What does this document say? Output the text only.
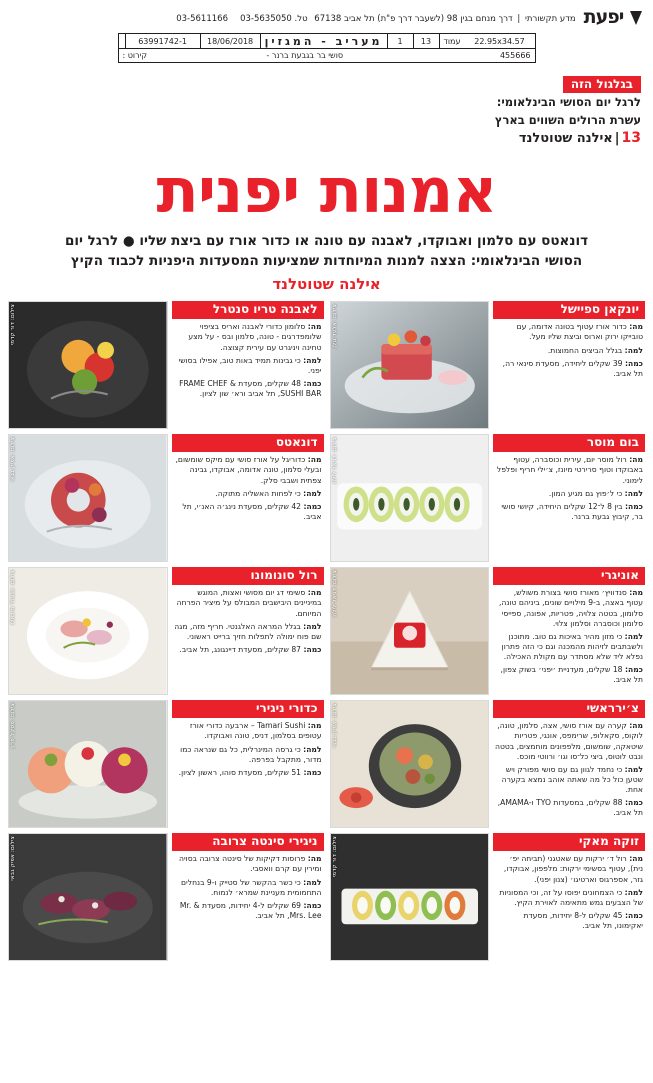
יפעת
מדע תקשורתי | דרך מנחם בגין 98 (לשעבר דרך פ"ת) תל אביב 67138 טל. 03-5635050   03-5611166
22.95x34.57
עמוד
13
1
מעריב - המגזין
18/06/2018
63991742-1
455666
סושי בר בגבעת ברנר -
קירוט :
בגלגול הזה
לרגל יום הסושי הבינלאומי:
עשרת הרולים השווים בארץ
13|אילנה שטוטלנד
אמנות יפנית
דונאטס עם סלמון ואבוקדו, לאבנה עם טונה או כדור אורז עם ביצת שליו ● לרגל יום
הסושי הבינלאומי: הצצה למנות המיוחדות שמציעות המסעדות היפניות לכבוד הקיץ
אילנה שטוטלנד
יונקאן ספיישל

מה: כדור אורז עטוף בטונה אדומה, עם טובייקו ירוק וארוס וביצת שליו מעל.

למה: בגלל הביצים החמוצות.

כמה: 39 שקלים ליחידה, מסעדת סינאי רה, תל אביב.

צילום: אלעד גולן
לאבנה טריו סנטרל

מה: סלומון כדורי לאבנה ואריס בציפוי שלומפדרגים - טונה, סלמון ובס - על מצע טחינה ויניגרט עם עירית קצוצה.

למה: כי גבינות תמיד באות טוב, אפילו בסושי יפני.

כמה: 48 שקלים, מסעדת FRAME CHEF & SUSHI BAR, תל אביב ורא׳ שון לציון.

צילום: דור קדמי
בום מוסר

מה: רול מוסר יום, עירית וכוסברה, עטוף באבוקדו וטוף סרירטי מיונז, צ׳ילי חריף ופלפל לימוני.

למה: כי ל׳פוץ גם מגיע המון.

כמה: בין 8 ל־12 שקלים היחידה, קיושי סושי בר, קיבוץ גבעת ברנר.

צילום: דניאל לילה
דונאטס

מה: כדוריגל על אורז סושי עם מיקס שומשום, ובעלי סלמון, טונה אדומה, אבוקדו, גבינה צפתית ושבבי סלק.

למה: כי לפחות האשליה מתוקה.

כמה: 42 שקלים, מסעדת נינג׳ה האנ׳י, תל אביב.

צילום: אפיק גבאי
אוניגרי

מה: סנדוויץ׳ מאורז סושי בצורת משולש, עטוף באצה, ב-9 מילויים שונים, ביניהם טונה, סלומון, בטטה צלויה, פטריות, אפונה, ספייסי סלומון וכוסברה וסלמון צלוי.

למה: כי מזון מהיר באיכות גם טוב. מתוכנן ולשבתבים לזיהות מהמכנה וגם כי הזה פתרון נפלא ליד שלא מסתדר עם מקולת האכילה.

כמה: 18 שקלים, מעדניית ׳יפני׳ בשוק צפון, תל אביב.

צילום: דניאל לילה
רול סונומונו

מה: סשימי דג יום מסושי ואצות, המוגש במיניינים היבישבים המבולס על מיציר הפרחה המיוחם.

למה: בגלל המראה האלגנטי. חריף מזה, מגה שם פוח ימולה לתפלות חזיך ברייט ראשוני.

כמה: 87 שקלים, מסעדת דיינגונג, תל אביב.

צילום: אנטולי מיכאלו
צ׳ירראשי

מה: קערה עם אורז סושי, אצה, סלמון, טונה, לוקוס, סקאלופ, שרימפס, אונגי, פטריות שיטאקה, שומשום, מלפפונים מוחמצים, בטטה ונבט לוטוס, ביצי כל־סו וגו׳ ורווטי מוכס.

למה: כי נחמד לגוון גם עם סושי מפורק ויש שטען כול כל מה שאתה אוהב נמצא בקערה אחת.

כמה: 88 שקלים, במסעדות TYO ו-AMAMA, תל אביב.

צילום: אפיק גבאי
כדורי ניגירי

מה: Tamari Sushi – ארבעה כדורי אורז עטופים בסלמון, דניס, טונה ואבוקדו.

למה: כי גרסה המינרלית, כל גם שנראה כמו מדור, מתקבל בפרפה.

כמה: 51 שקלים, מסעדת סוהו, ראשון לציון.

צילום: פסקל פרץ
זוקה מאקי

מה: רול ד׳ ירקות עם שאטגני (תביחה יפ׳ נית), עטוף בסשימי ירקות: מלפפון, אבוקדו, גזר, אספרגוס וארטיגו׳ (צנון יפני).

למה: כי הצמחונים יפוסו על זה, וכי המסוניות של הצבעים גמש מתאימה לאוירת הקיץ.

כמה: 45 שקלים ל-8 יחידות, מסעדת יאקימונו, תל אביב.

צילום: דור קדמי
ניגירי סינטה צרובה

מה: פרוסות דקיקות של סינטה צרובה בסויה ומירין עם קרם וואסבי.

למה: כי כשר בהקשר של סטייק ו-9 בנחלים התחמומית מעניינת שמרא׳ לנמוח.

כמה: 69 שקלים ל-4 יחידות, מסעדת Mr. & Mrs. Lee, תל אביב.

צילום: אפיק גבאי
